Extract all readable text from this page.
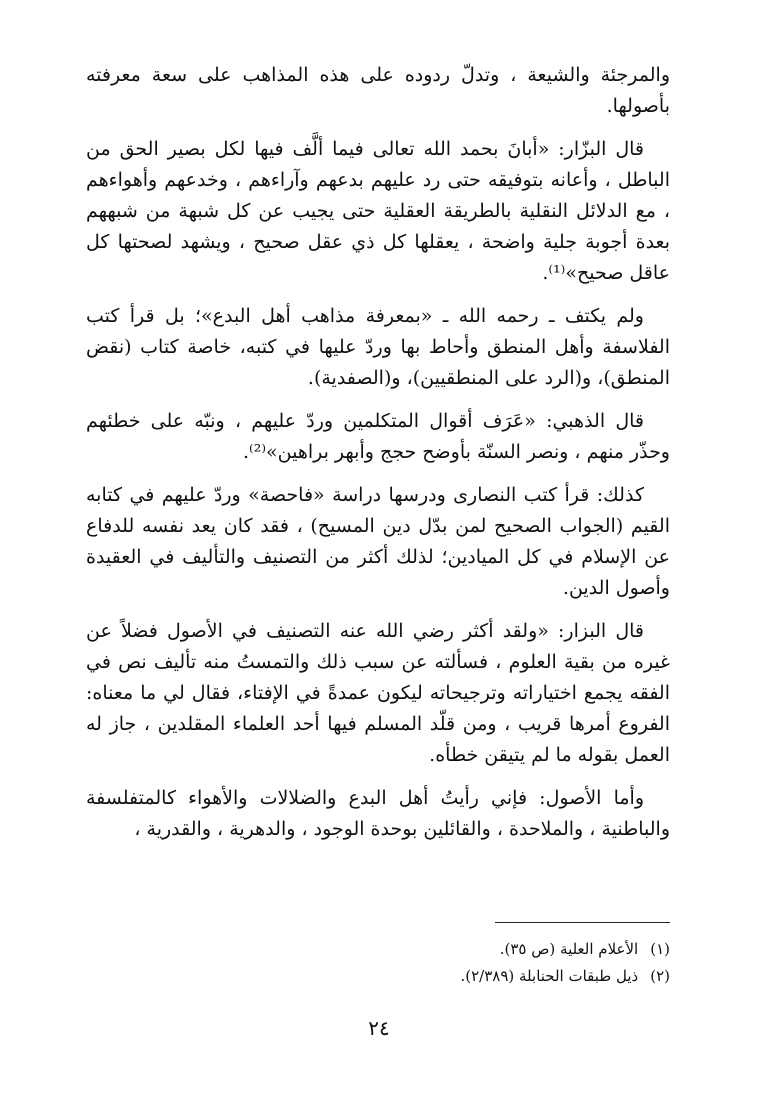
والمرجئة والشيعة ، وتدلّ ردوده على هذه المذاهب على سعة معرفته بأصولها.

قال البزّار: «أبانَ بحمد الله تعالى فيما ألَّف فيها لكل بصير الحق من الباطل ، وأعانه بتوفيقه حتى رد عليهم بدعهم وآراءهم ، وخدعهم وأهواءهم ، مع الدلائل النقلية بالطريقة العقلية حتى يجيب عن كل شبهة من شبههم بعدة أجوبة جلية واضحة ، يعقلها كل ذي عقل صحيح ، ويشهد لصحتها كل عاقل صحيح»⁽¹⁾.

ولم يكتف ـ رحمه الله ـ «بمعرفة مذاهب أهل البدع»؛ بل قرأ كتب الفلاسفة وأهل المنطق وأحاط بها وردّ عليها في كتبه، خاصة كتاب (نقض المنطق)، و(الرد على المنطقيين)، و(الصفدية).

قال الذهبي: «عَرَف أقوال المتكلمين وردّ عليهم ، ونبّه على خطئهم وحذّر منهم ، ونصر السنّة بأوضح حجج وأبهر براهين»⁽²⁾.

كذلك: قرأ كتب النصارى ودرسها دراسة «فاحصة» وردّ عليهم في كتابه القيم (الجواب الصحيح لمن بدّل دين المسيح) ، فقد كان يعد نفسه للدفاع عن الإسلام في كل الميادين؛ لذلك أكثر من التصنيف والتأليف في العقيدة وأصول الدين.

قال البزار: «ولقد أكثر رضي الله عنه التصنيف في الأصول فضلاً عن غيره من بقية العلوم ، فسألته عن سبب ذلك والتمستُ منه تأليف نص في الفقه يجمع اختياراته وترجيحاته ليكون عمدةً في الإفتاء، فقال لي ما معناه: الفروع أمرها قريب ، ومن قلّد المسلم فيها أحد العلماء المقلدين ، جاز له العمل بقوله ما لم يتيقن خطأه.

وأما الأصول: فإني رأيتُ أهل البدع والضلالات والأهواء كالمتفلسفة والباطنية ، والملاحدة ، والقائلين بوحدة الوجود ، والدهرية ، والقدرية ،

(١)الأعلام العلية (ص ٣٥).

(٢)ذيل طبقات الحنابلة (٢/٣٨٩).

٢٤
